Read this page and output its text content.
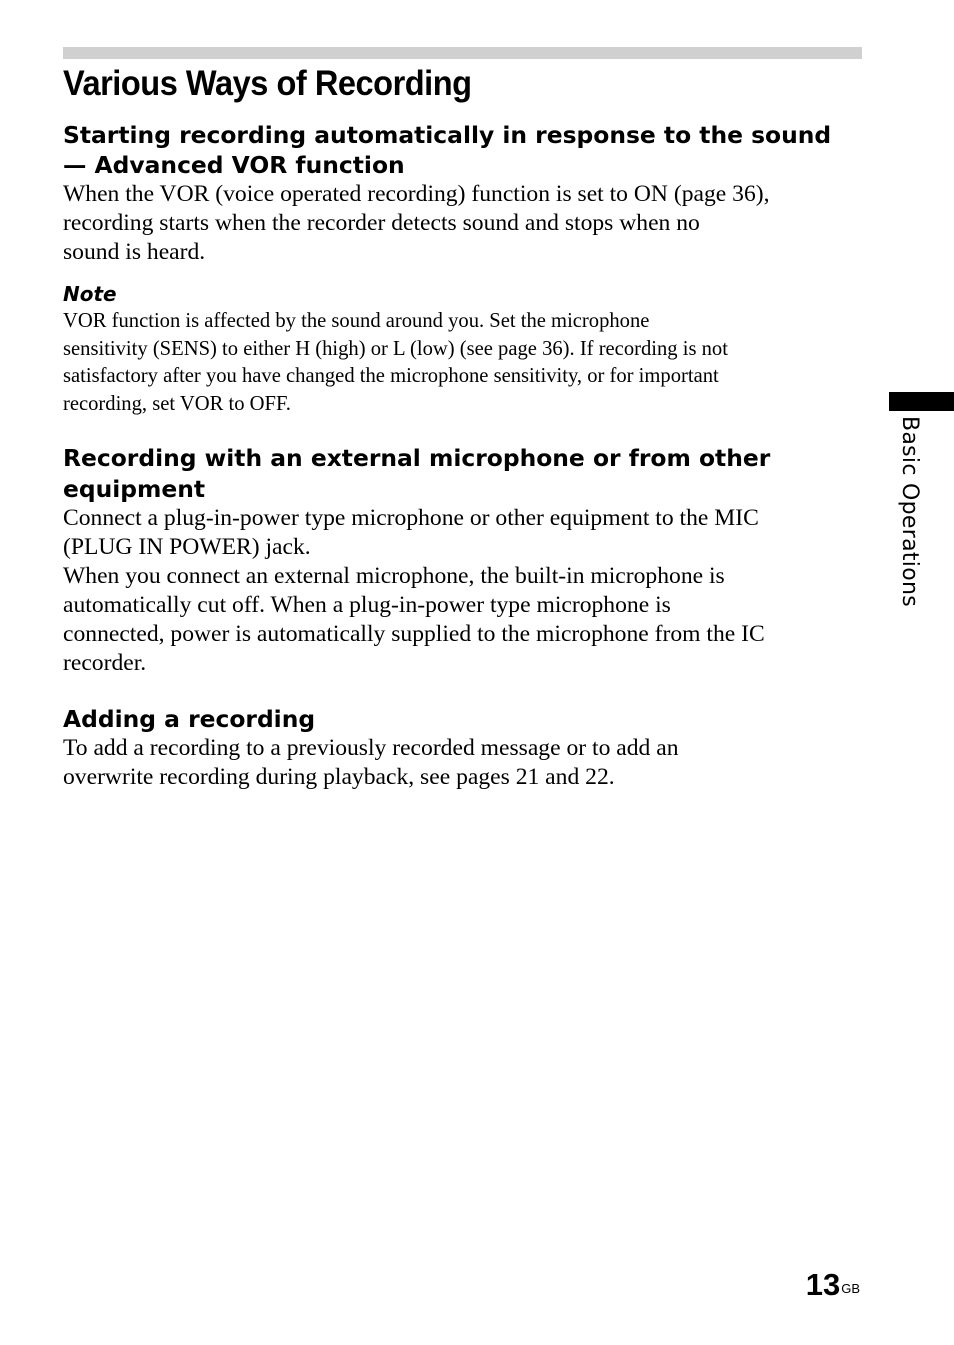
Various Ways of Recording
Starting recording automatically in response to the sound
— Advanced VOR function

When the VOR (voice operated recording) function is set to ON (page 36),
recording starts when the recorder detects sound and stops when no
sound is heard.

Note

VOR function is affected by the sound around you. Set the microphone
sensitivity (SENS) to either H (high) or L (low) (see page 36). If recording is not
satisfactory after you have changed the microphone sensitivity, or for important
recording, set VOR to OFF.

Recording with an external microphone or from other
equipment

Connect a plug-in-power type microphone or other equipment to the MIC
(PLUG IN POWER) jack.
When you connect an external microphone, the built-in microphone is
automatically cut off. When a plug-in-power type microphone is
connected, power is automatically supplied to the microphone from the IC
recorder.

Adding a recording

To add a recording to a previously recorded message or to add an
overwrite recording during playback, see pages 21 and 22.

Basic Operations
$13^{GB}$
